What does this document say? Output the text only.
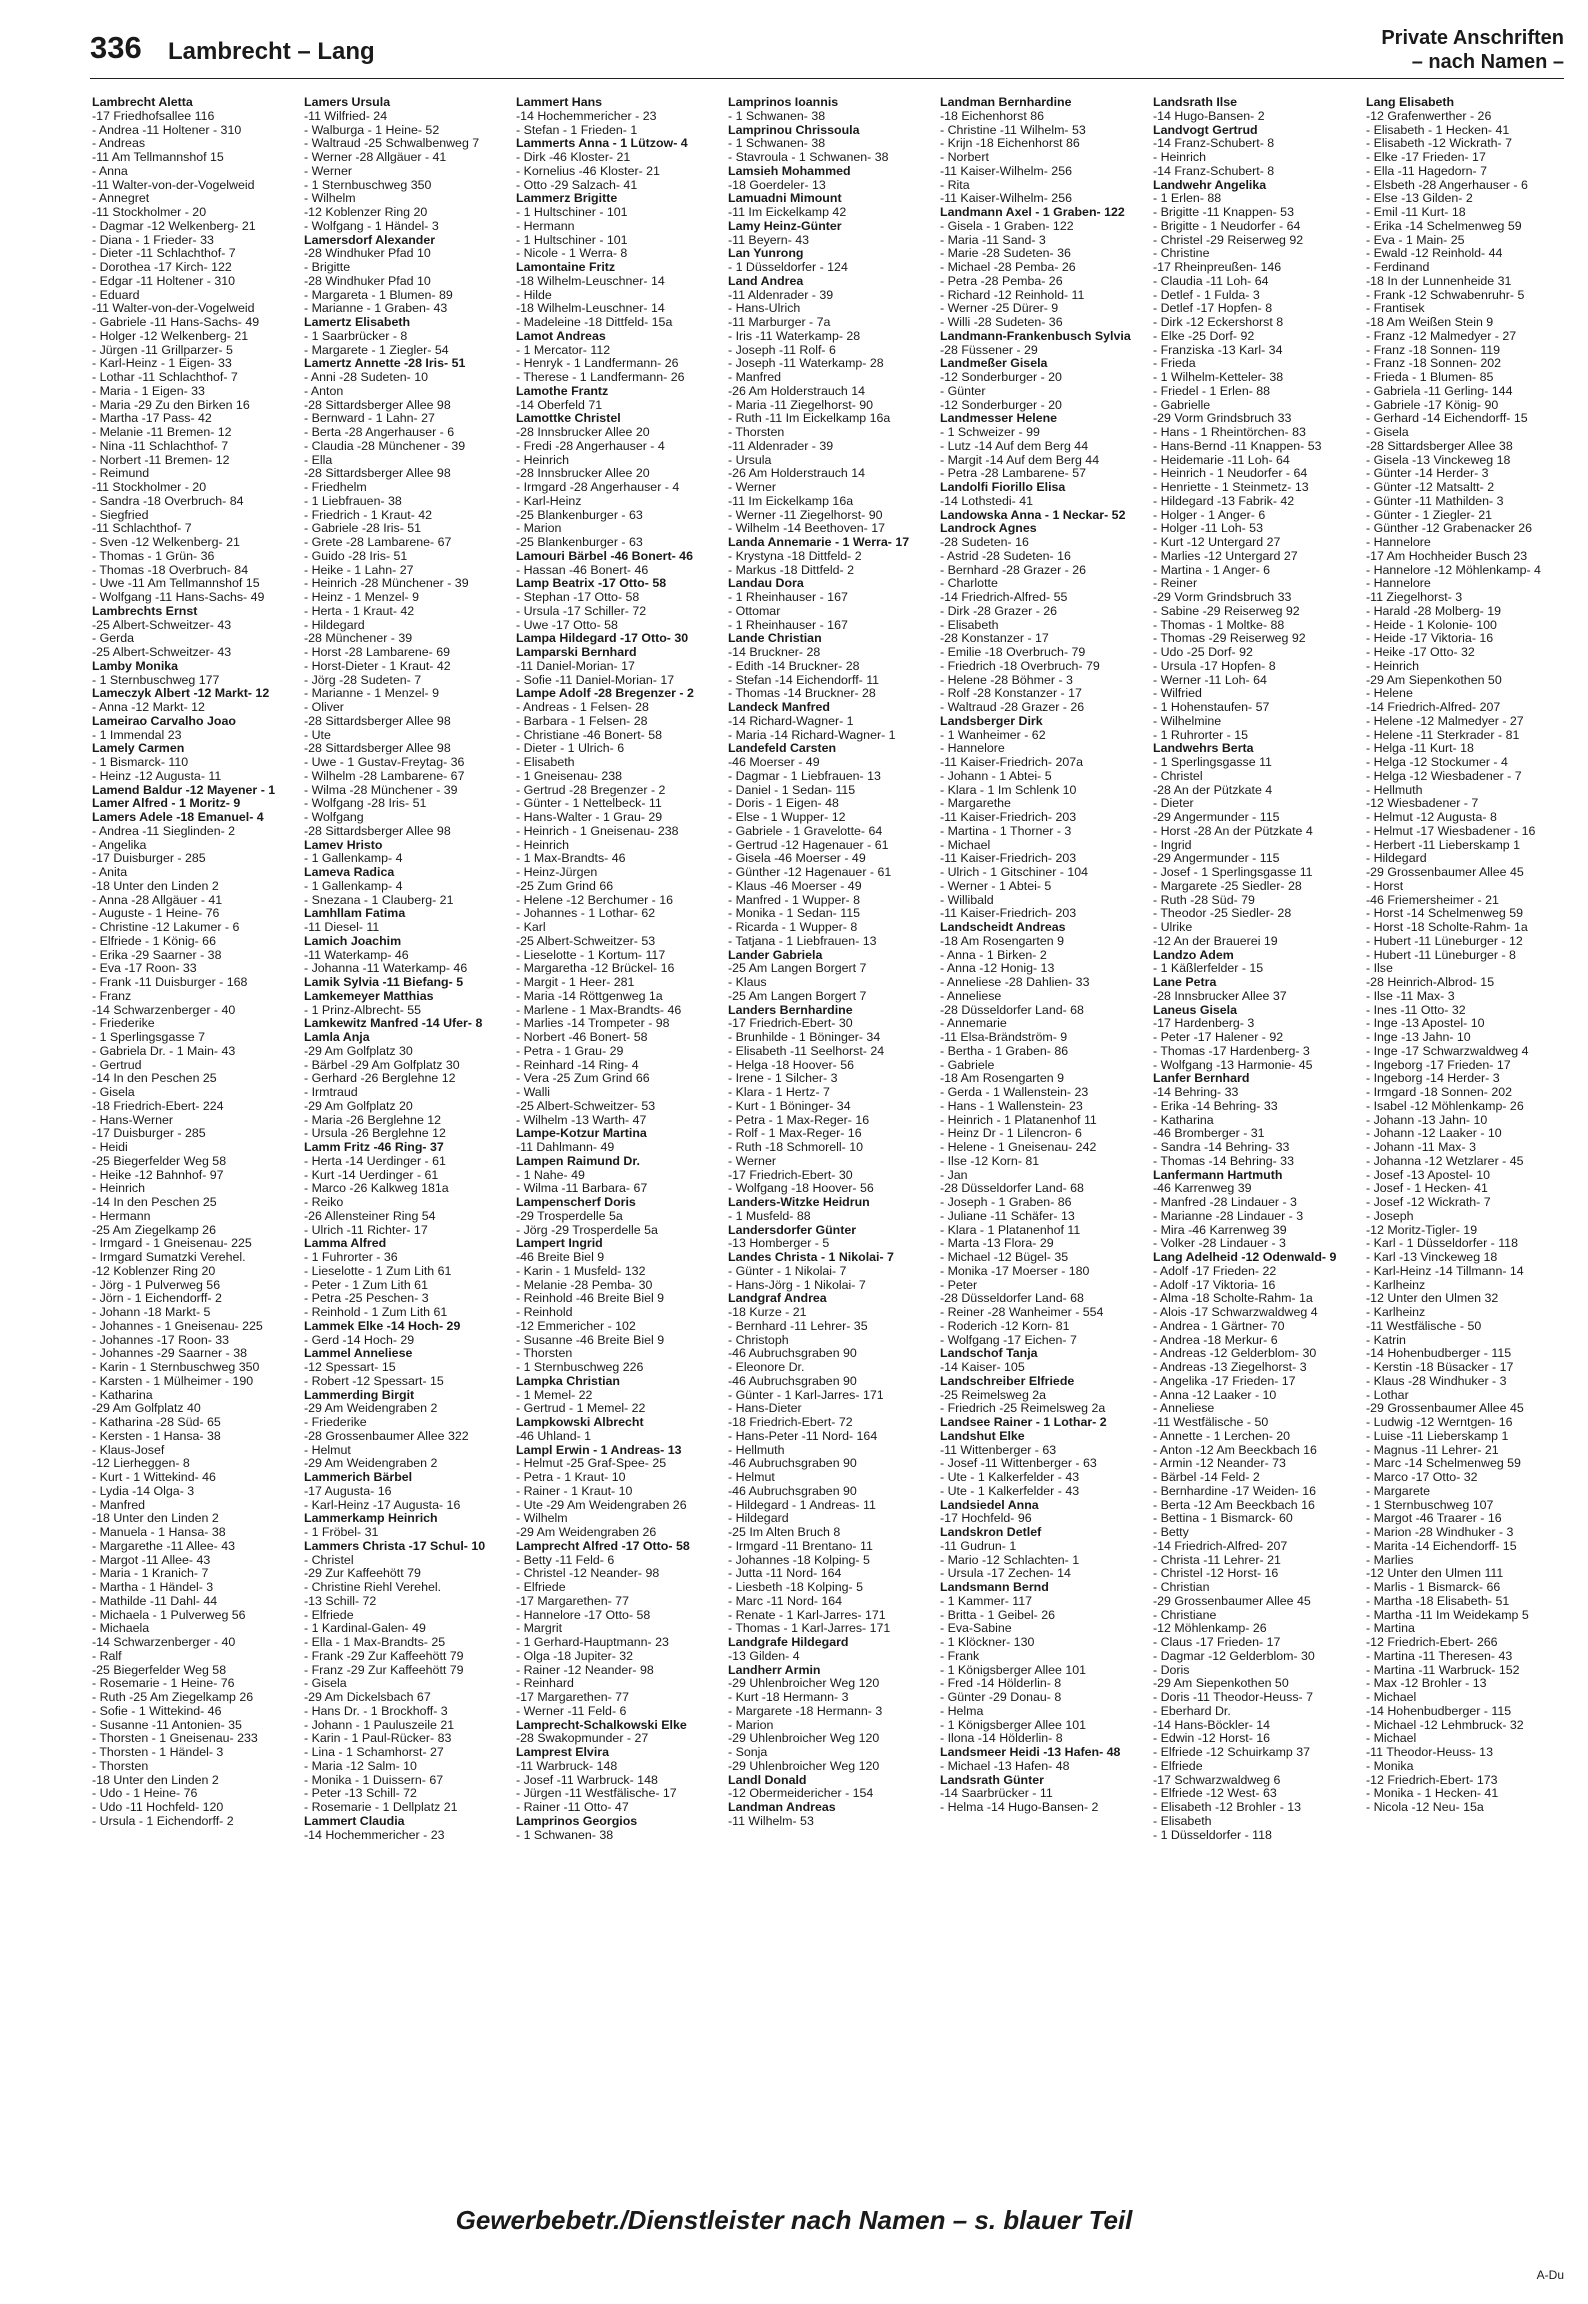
336 Lambrecht – Lang	Private Anschriften
– nach Namen –
Lambrecht Aletta
-17 Friedhofsallee 116
- Andrea -11 Holtener - 310
- Andreas
-11 Am Tellmannshof 15
- Anna
-11 Walter-von-der-Vogelweid
- Annegret
-11 Stockholmer - 20
- Dagmar -12 Welkenberg- 21
- Diana - 1 Frieder- 33
- Dieter -11 Schlachthof- 7
- Dorothea -17 Kirch- 122
- Edgar -11 Holtener - 310
- Eduard
-11 Walter-von-der-Vogelweid
- Gabriele -11 Hans-Sachs- 49
- Holger -12 Welkenberg- 21
- Jürgen -11 Grillparzer- 5
- Karl-Heinz - 1 Eigen- 33
- Lothar -11 Schlachthof- 7
- Maria - 1 Eigen- 33
- Maria -29 Zu den Birken 16
- Martha -17 Pass- 42
- Melanie -11 Bremen- 12
- Nina -11 Schlachthof- 7
- Norbert -11 Bremen- 12
- Reimund
-11 Stockholmer - 20
- Sandra -18 Overbruch- 84
- Siegfried
-11 Schlachthof- 7
- Sven -12 Welkenberg- 21
- Thomas - 1 Grün- 36
- Thomas -18 Overbruch- 84
- Uwe -11 Am Tellmannshof 15
- Wolfgang -11 Hans-Sachs- 49
Lambrechts Ernst
-25 Albert-Schweitzer- 43
- Gerda
-25 Albert-Schweitzer- 43
Lamby Monika
- 1 Sternbuschweg 177
Lameczyk Albert -12 Markt- 12
- Anna -12 Markt- 12
Lameirao Carvalho Joao
- 1 Immendal 23
Lamely Carmen
- 1 Bismarck- 110
- Heinz -12 Augusta- 11
Lamend Baldur -12 Mayener - 1
Lamer Alfred - 1 Moritz- 9
Lamers Adele -18 Emanuel- 4
- Andrea -11 Sieglinden- 2
- Angelika
-17 Duisburger - 285
- Anita
-18 Unter den Linden 2
- Anna -28 Allgäuer - 41
- Auguste - 1 Heine- 76
- Christine -12 Lakumer - 6
- Elfriede - 1 König- 66
- Erika -29 Saarner - 38
- Eva -17 Roon- 33
- Frank -11 Duisburger - 168
- Franz
-14 Schwarzenberger - 40
- Friederike
- 1 Sperlingsgasse 7
- Gabriela Dr. - 1 Main- 43
- Gertrud
-14 In den Peschen 25
- Gisela
-18 Friedrich-Ebert- 224
- Hans-Werner
-17 Duisburger - 285
- Heidi
-25 Biegerfelder Weg 58
- Heike -12 Bahnhof- 97
- Heinrich
-14 In den Peschen 25
- Hermann
-25 Am Ziegelkamp 26
- Irmgard - 1 Gneisenau- 225
- Irmgard Sumatzki Verehel.
-12 Koblenzer Ring 20
- Jörg - 1 Pulverweg 56
- Jörn - 1 Eichendorff- 2
- Johann -18 Markt- 5
- Johannes - 1 Gneisenau- 225
- Johannes -17 Roon- 33
- Johannes -29 Saarner - 38
- Karin - 1 Sternbuschweg 350
- Karsten - 1 Mülheimer - 190
- Katharina
-29 Am Golfplatz 40
- Katharina -28 Süd- 65
- Kersten - 1 Hansa- 38
- Klaus-Josef
-12 Lierheggen- 8
- Kurt - 1 Wittekind- 46
- Lydia -14 Olga- 3
- Manfred
-18 Unter den Linden 2
- Manuela - 1 Hansa- 38
- Margarethe -11 Allee- 43
- Margot -11 Allee- 43
- Maria - 1 Kranich- 7
- Martha - 1 Händel- 3
- Mathilde -11 Dahl- 44
- Michaela - 1 Pulverweg 56
- Michaela
-14 Schwarzenberger - 40
- Ralf
-25 Biegerfelder Weg 58
- Rosemarie - 1 Heine- 76
- Ruth -25 Am Ziegelkamp 26
- Sofie - 1 Wittekind- 46
- Susanne -11 Antonien- 35
- Thorsten - 1 Gneisenau- 233
- Thorsten - 1 Händel- 3
- Thorsten
-18 Unter den Linden 2
- Udo - 1 Heine- 76
- Udo -11 Hochfeld- 120
- Ursula - 1 Eichendorff- 2
Lamers Ursula
-11 Wilfried- 24
- Walburga - 1 Heine- 52
- Waltraud -25 Schwalbenweg 7
- Werner -28 Allgäuer - 41
- Werner
- 1 Sternbuschweg 350
- Wilhelm
-12 Koblenzer Ring 20
- Wolfgang - 1 Händel- 3
Lamersdorf Alexander
-28 Windhuker Pfad 10
- Brigitte
-28 Windhuker Pfad 10
- Margareta - 1 Blumen- 89
- Marianne - 1 Graben- 43
Lamertz Elisabeth
- 1 Saarbrücker - 8
- Margarete - 1 Ziegler- 54
Lamertz Annette -28 Iris- 51
- Anni -28 Sudeten- 10
- Anton
-28 Sittardsberger Allee 98
- Bernward - 1 Lahn- 27
- Berta -28 Angerhauser - 6
- Claudia -28 Münchener - 39
- Ella
-28 Sittardsberger Allee 98
- Friedhelm
- 1 Liebfrauen- 38
- Friedrich - 1 Kraut- 42
- Gabriele -28 Iris- 51
- Grete -28 Lambarene- 67
- Guido -28 Iris- 51
- Heike - 1 Lahn- 27
- Heinrich -28 Münchener - 39
- Heinz - 1 Menzel- 9
- Herta - 1 Kraut- 42
- Hildegard
-28 Münchener - 39
- Horst -28 Lambarene- 69
- Horst-Dieter - 1 Kraut- 42
- Jörg -28 Sudeten- 7
- Marianne - 1 Menzel- 9
- Oliver
-28 Sittardsberger Allee 98
- Ute
-28 Sittardsberger Allee 98
- Uwe - 1 Gustav-Freytag- 36
- Wilhelm -28 Lambarene- 67
- Wilma -28 Münchener - 39
- Wolfgang -28 Iris- 51
- Wolfgang
-28 Sittardsberger Allee 98
Lamev Hristo
- 1 Gallenkamp- 4
Lameva Radica
- 1 Gallenkamp- 4
- Snezana - 1 Clauberg- 21
Lamhllam Fatima
-11 Diesel- 11
Lamich Joachim
-11 Waterkamp- 46
- Johanna -11 Waterkamp- 46
Lamik Sylvia -11 Biefang- 5
Lamkemeyer Matthias
- 1 Prinz-Albrecht- 55
Lamkewitz Manfred -14 Ufer- 8
Lamla Anja
-29 Am Golfplatz 30
- Bärbel -29 Am Golfplatz 30
- Gerhard -26 Berglehne 12
- Irmtraud
-29 Am Golfplatz 20
- Maria -26 Berglehne 12
- Ursula -26 Berglehne 12
Lamm Fritz -46 Ring- 37
- Herta -14 Uerdinger - 61
- Kurt -14 Uerdinger - 61
- Marco -26 Kalkweg 181a
- Reiko
-26 Allensteiner Ring 54
- Ulrich -11 Richter- 17
Lamma Alfred
- 1 Fuhrorter - 36
- Lieselotte - 1 Zum Lith 61
- Peter - 1 Zum Lith 61
- Petra -25 Peschen- 3
- Reinhold - 1 Zum Lith 61
Lammek Elke -14 Hoch- 29
- Gerd -14 Hoch- 29
Lammel Anneliese
-12 Spessart- 15
- Robert -12 Spessart- 15
Lammerding Birgit
-29 Am Weidengraben 2
- Friederike
-28 Grossenbaumer Allee 322
- Helmut
-29 Am Weidengraben 2
Lammerich Bärbel
-17 Augusta- 16
- Karl-Heinz -17 Augusta- 16
Lammerkamp Heinrich
- 1 Fröbel- 31
Lammers Christa -17 Schul- 10
- Christel
-29 Zur Kaffeehött 79
- Christine Riehl Verehel.
-13 Schill- 72
- Elfriede
- 1 Kardinal-Galen- 49
- Ella - 1 Max-Brandts- 25
- Frank -29 Zur Kaffeehött 79
- Franz -29 Zur Kaffeehött 79
- Gisela
-29 Am Dickelsbach 67
- Hans Dr. - 1 Brockhoff- 3
- Johann - 1 Pauluszeile 21
- Karin - 1 Paul-Rücker- 83
- Lina - 1 Schamhorst- 27
- Maria -12 Salm- 10
- Monika - 1 Duissern- 67
- Peter -13 Schill- 72
- Rosemarie - 1 Dellplatz 21
Lammert Claudia
-14 Hochemmericher - 23
Lammert Hans
-14 Hochemmericher - 23
- Stefan - 1 Frieden- 1
Lammerts Anna - 1 Lützow- 4
- Dirk -46 Kloster- 21
- Kornelius -46 Kloster- 21
- Otto -29 Salzach- 41
Lammerz Brigitte
- 1 Hultschiner - 101
- Hermann
- 1 Hultschiner - 101
- Nicole - 1 Werra- 8
Lamontaine Fritz
-18 Wilhelm-Leuschner- 14
- Hilde
-18 Wilhelm-Leuschner- 14
- Madeleine -18 Dittfeld- 15a
Lamot Andreas
- 1 Mercator- 112
- Henryk - 1 Landfermann- 26
- Therese - 1 Landfermann- 26
Lamothe Frantz
-14 Oberfeld 71
Lamottke Christel
-28 Innsbrucker Allee 20
- Fredi -28 Angerhauser - 4
- Heinrich
-28 Innsbrucker Allee 20
- Irmgard -28 Angerhauser - 4
- Karl-Heinz
-25 Blankenburger - 63
- Marion
-25 Blankenburger - 63
Lamouri Bärbel -46 Bonert- 46
- Hassan -46 Bonert- 46
Lamp Beatrix -17 Otto- 58
- Stephan -17 Otto- 58
- Ursula -17 Schiller- 72
- Uwe -17 Otto- 58
Lampa Hildegard -17 Otto- 30
Lamparski Bernhard
-11 Daniel-Morian- 17
- Sofie -11 Daniel-Morian- 17
Lampe Adolf -28 Bregenzer - 2
- Andreas - 1 Felsen- 28
- Barbara - 1 Felsen- 28
- Christiane -46 Bonert- 58
- Dieter - 1 Ulrich- 6
- Elisabeth
- 1 Gneisenau- 238
- Gertrud -28 Bregenzer - 2
- Günter - 1 Nettelbeck- 11
- Hans-Walter - 1 Grau- 29
- Heinrich - 1 Gneisenau- 238
- Heinrich
- 1 Max-Brandts- 46
- Heinz-Jürgen
-25 Zum Grind 66
- Helene -12 Berchumer - 16
- Johannes - 1 Lothar- 62
- Karl
-25 Albert-Schweitzer- 53
- Lieselotte - 1 Kortum- 117
- Margaretha -12 Brückel- 16
- Margit - 1 Heer- 281
- Maria -14 Röttgenweg 1a
- Marlene - 1 Max-Brandts- 46
- Marlies -14 Trompeter - 98
- Norbert -46 Bonert- 58
- Petra - 1 Grau- 29
- Reinhard -14 Ring- 4
- Vera -25 Zum Grind 66
- Walli
-25 Albert-Schweitzer- 53
- Wilhelm -13 Warth- 47
Lampe-Kotzur Martina
-11 Dahlmann- 49
Lampen Raimund Dr.
- 1 Nahe- 49
- Wilma -11 Barbara- 67
Lampenscherf Doris
-29 Trosperdelle 5a
- Jörg -29 Trosperdelle 5a
Lampert Ingrid
-46 Breite Biel 9
- Karin - 1 Musfeld- 132
- Melanie -28 Pemba- 30
- Reinhold -46 Breite Biel 9
- Reinhold
-12 Emmericher - 102
- Susanne -46 Breite Biel 9
- Thorsten
- 1 Sternbuschweg 226
Lampka Christian
- 1 Memel- 22
- Gertrud - 1 Memel- 22
Lampkowski Albrecht
-46 Uhland- 1
Lampl Erwin - 1 Andreas- 13
- Helmut -25 Graf-Spee- 25
- Petra - 1 Kraut- 10
- Rainer - 1 Kraut- 10
- Ute -29 Am Weidengraben 26
- Wilhelm
-29 Am Weidengraben 26
Lamprecht Alfred -17 Otto- 58
- Betty -11 Feld- 6
- Christel -12 Neander- 98
- Elfriede
-17 Margarethen- 77
- Hannelore -17 Otto- 58
- Margrit
- 1 Gerhard-Hauptmann- 23
- Olga -18 Jupiter- 32
- Rainer -12 Neander- 98
- Reinhard
-17 Margarethen- 77
- Werner -11 Feld- 6
Lamprecht-Schalkowski Elke
-28 Swakopmunder - 27
Lamprest Elvira
-11 Warbruck- 148
- Josef -11 Warbruck- 148
- Jürgen -11 Westfälische- 17
- Rainer -11 Otto- 47
Lamprinos Georgios
- 1 Schwanen- 38
Lamprinos Ioannis
- 1 Schwanen- 38
Lamprinou Chrissoula
- 1 Schwanen- 38
- Stavroula - 1 Schwanen- 38
Lamsieh Mohammed
-18 Goerdeler- 13
Lamuadni Mimount
-11 Im Eickelkamp 42
Lamy Heinz-Günter
-11 Beyern- 43
Lan Yunrong
- 1 Düsseldorfer - 124
Land Andrea
-11 Aldenrader - 39
- Hans-Ulrich
-11 Marburger - 7a
- Iris -11 Waterkamp- 28
- Joseph -11 Rolf- 6
- Joseph -11 Waterkamp- 28
- Manfred
-26 Am Holderstrauch 14
- Maria -11 Ziegelhorst- 90
- Ruth -11 Im Eickelkamp 16a
- Thorsten
-11 Aldenrader - 39
- Ursula
-26 Am Holderstrauch 14
- Werner
-11 Im Eickelkamp 16a
- Werner -11 Ziegelhorst- 90
- Wilhelm -14 Beethoven- 17
Landa Annemarie - 1 Werra- 17
- Krystyna -18 Dittfeld- 2
- Markus -18 Dittfeld- 2
Landau Dora
- 1 Rheinhauser - 167
- Ottomar
- 1 Rheinhauser - 167
Lande Christian
-14 Bruckner- 28
- Edith -14 Bruckner- 28
- Stefan -14 Eichendorff- 11
- Thomas -14 Bruckner- 28
Landeck Manfred
-14 Richard-Wagner- 1
- Maria -14 Richard-Wagner- 1
Landefeld Carsten
-46 Moerser - 49
- Dagmar - 1 Liebfrauen- 13
- Daniel - 1 Sedan- 115
- Doris - 1 Eigen- 48
- Else - 1 Wupper- 12
- Gabriele - 1 Gravelotte- 64
- Gertrud -12 Hagenauer - 61
- Gisela -46 Moerser - 49
- Günther -12 Hagenauer - 61
- Klaus -46 Moerser - 49
- Manfred - 1 Wupper- 8
- Monika - 1 Sedan- 115
- Ricarda - 1 Wupper- 8
- Tatjana - 1 Liebfrauen- 13
Lander Gabriela
-25 Am Langen Borgert 7
- Klaus
-25 Am Langen Borgert 7
Landers Bernhardine
-17 Friedrich-Ebert- 30
- Brunhilde - 1 Böninger- 34
- Elisabeth -11 Seelhorst- 24
- Helga -18 Hoover- 56
- Irene - 1 Silcher- 3
- Klara - 1 Hertz- 7
- Kurt - 1 Böninger- 34
- Petra - 1 Max-Reger- 16
- Rolf - 1 Max-Reger- 16
- Ruth -18 Schmorell- 10
- Werner
-17 Friedrich-Ebert- 30
- Wolfgang -18 Hoover- 56
Landers-Witzke Heidrun
- 1 Musfeld- 88
Landersdorfer Günter
-13 Homberger - 5
Landes Christa - 1 Nikolai- 7
- Günter - 1 Nikolai- 7
- Hans-Jörg - 1 Nikolai- 7
Landgraf Andrea
-18 Kurze - 21
- Bernhard -11 Lehrer- 35
- Christoph
-46 Aubruchsgraben 90
- Eleonore Dr.
-46 Aubruchsgraben 90
- Günter - 1 Karl-Jarres- 171
- Hans-Dieter
-18 Friedrich-Ebert- 72
- Hans-Peter -11 Nord- 164
- Hellmuth
-46 Aubruchsgraben 90
- Helmut
-46 Aubruchsgraben 90
- Hildegard - 1 Andreas- 11
- Hildegard
-25 Im Alten Bruch 8
- Irmgard -11 Brentano- 11
- Johannes -18 Kolping- 5
- Jutta -11 Nord- 164
- Liesbeth -18 Kolping- 5
- Marc -11 Nord- 164
- Renate - 1 Karl-Jarres- 171
- Thomas - 1 Karl-Jarres- 171
Landgrafe Hildegard
-13 Gilden- 4
Landherr Armin
-29 Uhlenbroicher Weg 120
- Kurt -18 Hermann- 3
- Margarete -18 Hermann- 3
- Marion
-29 Uhlenbroicher Weg 120
- Sonja
-29 Uhlenbroicher Weg 120
Landl Donald
-12 Obermeidericher - 154
Landman Andreas
-11 Wilhelm- 53
Landman Bernhardine
-18 Eichenhorst 86
- Christine -11 Wilhelm- 53
- Krijn -18 Eichenhorst 86
- Norbert
-11 Kaiser-Wilhelm- 256
- Rita
-11 Kaiser-Wilhelm- 256
Landmann Axel - 1 Graben- 122
- Gisela - 1 Graben- 122
- Maria -11 Sand- 3
- Marie -28 Sudeten- 36
- Michael -28 Pemba- 26
- Petra -28 Pemba- 26
- Richard -12 Reinhold- 11
- Werner -25 Dürer- 9
- Willi -28 Sudeten- 36
Landmann-Frankenbusch Sylvia
-28 Füssener - 29
Landmeßer Gisela
-12 Sonderburger - 20
- Günter
-12 Sonderburger - 20
Landmesser Helene
- 1 Schweizer - 99
- Lutz -14 Auf dem Berg 44
- Margit -14 Auf dem Berg 44
- Petra -28 Lambarene- 57
Landolfi Fiorillo Elisa
-14 Lothstedi- 41
Landowska Anna - 1 Neckar- 52
Landrock Agnes
-28 Sudeten- 16
- Astrid -28 Sudeten- 16
- Bernhard -28 Grazer - 26
- Charlotte
-14 Friedrich-Alfred- 55
- Dirk -28 Grazer - 26
- Elisabeth
-28 Konstanzer - 17
- Emilie -18 Overbruch- 79
- Friedrich -18 Overbruch- 79
- Helene -28 Böhmer - 3
- Rolf -28 Konstanzer - 17
- Waltraud -28 Grazer - 26
Landsberger Dirk
- 1 Wanheimer - 62
- Hannelore
-11 Kaiser-Friedrich- 207a
- Johann - 1 Abtei- 5
- Klara - 1 Im Schlenk 10
- Margarethe
-11 Kaiser-Friedrich- 203
- Martina - 1 Thorner - 3
- Michael
-11 Kaiser-Friedrich- 203
- Ulrich - 1 Gitschiner - 104
- Werner - 1 Abtei- 5
- Willibald
-11 Kaiser-Friedrich- 203
Landscheidt Andreas
-18 Am Rosengarten 9
- Anna - 1 Birken- 2
- Anna -12 Honig- 13
- Anneliese -28 Dahlien- 33
- Anneliese
-28 Düsseldorfer Land- 68
- Annemarie
-11 Elsa-Brändström- 9
- Bertha - 1 Graben- 86
- Gabriele
-18 Am Rosengarten 9
- Gerda - 1 Wallenstein- 23
- Hans - 1 Wallenstein- 23
- Heinrich - 1 Platanenhof 11
- Heinz Dr - 1 Lilencron- 6
- Helene - 1 Gneisenau- 242
- Ilse -12 Korn- 81
- Jan
-28 Düsseldorfer Land- 68
- Joseph - 1 Graben- 86
- Juliane -11 Schäfer- 13
- Klara - 1 Platanenhof 11
- Marta -13 Flora- 29
- Michael -12 Bügel- 35
- Monika -17 Moerser - 180
- Peter
-28 Düsseldorfer Land- 68
- Reiner -28 Wanheimer - 554
- Roderich -12 Korn- 81
- Wolfgang -17 Eichen- 7
Landschof Tanja
-14 Kaiser- 105
Landschreiber Elfriede
-25 Reimelsweg 2a
- Friedrich -25 Reimelsweg 2a
Landsee Rainer - 1 Lothar- 2
Landshut Elke
-11 Wittenberger - 63
- Josef -11 Wittenberger - 63
- Ute - 1 Kalkerfelder - 43
- Ute - 1 Kalkerfelder - 43
Landsiedel Anna
-17 Hochfeld- 96
Landskron Detlef
-11 Gudrun- 1
- Mario -12 Schlachten- 1
- Ursula -17 Zechen- 14
Landsmann Bernd
- 1 Kammer- 117
- Britta - 1 Geibel- 26
- Eva-Sabine
- 1 Klöckner- 130
- Frank
- 1 Königsberger Allee 101
- Fred -14 Hölderlin- 8
- Günter -29 Donau- 8
- Helma
- 1 Königsberger Allee 101
- Ilona -14 Hölderlin- 8
Landsmeer Heidi -13 Hafen- 48
- Michael -13 Hafen- 48
Landsrath Günter
-14 Saarbrücker - 11
- Helma -14 Hugo-Bansen- 2
Landsrath Ilse
-14 Hugo-Bansen- 2
Landvogt Gertrud
-14 Franz-Schubert- 8
- Heinrich
-14 Franz-Schubert- 8
Landwehr Angelika
- 1 Erlen- 88
- Brigitte -11 Knappen- 53
- Brigitte - 1 Neudorfer - 64
- Christel -29 Reiserweg 92
- Christine
-17 Rheinpreußen- 146
- Claudia -11 Loh- 64
- Detlef - 1 Fulda- 3
- Detlef -17 Hopfen- 8
- Dirk -12 Eckershorst 8
- Elke -25 Dorf- 92
- Franziska -13 Karl- 34
- Frieda
- 1 Wilhelm-Ketteler- 38
- Friedel - 1 Erlen- 88
- Gabrielle
-29 Vorm Grindsbruch 33
- Hans - 1 Rheintörchen- 83
- Hans-Bernd -11 Knappen- 53
- Heidemarie -11 Loh- 64
- Heinrich - 1 Neudorfer - 64
- Henriette - 1 Steinmetz- 13
- Hildegard -13 Fabrik- 42
- Holger - 1 Anger- 6
- Holger -11 Loh- 53
- Kurt -12 Untergard 27
- Marlies -12 Untergard 27
- Martina - 1 Anger- 6
- Reiner
-29 Vorm Grindsbruch 33
- Sabine -29 Reiserweg 92
- Thomas - 1 Moltke- 88
- Thomas -29 Reiserweg 92
- Udo -25 Dorf- 92
- Ursula -17 Hopfen- 8
- Werner -11 Loh- 64
- Wilfried
- 1 Hohenstaufen- 57
- Wilhelmine
- 1 Ruhrorter - 15
Landwehrs Berta
- 1 Sperlingsgasse 11
- Christel
-28 An der Pützkate 4
- Dieter
-29 Angermunder - 115
- Horst -28 An der Pützkate 4
- Ingrid
-29 Angermunder - 115
- Josef - 1 Sperlingsgasse 11
- Margarete -25 Siedler- 28
- Ruth -28 Süd- 79
- Theodor -25 Siedler- 28
- Ulrike
-12 An der Brauerei 19
Landzo Adem
- 1 Käßlerfelder - 15
Lane Petra
-28 Innsbrucker Allee 37
Laneus Gisela
-17 Hardenberg- 3
- Peter -17 Halener - 92
- Thomas -17 Hardenberg- 3
- Wolfgang -13 Harmonie- 45
Lanfer Bernhard
-14 Behring- 33
- Erika -14 Behring- 33
- Katharina
-46 Bromberger - 31
- Sandra -14 Behring- 33
- Thomas -14 Behring- 33
Lanfermann Hartmuth
-46 Karrenweg 39
- Manfred -28 Lindauer - 3
- Marianne -28 Lindauer - 3
- Mira -46 Karrenweg 39
- Volker -28 Lindauer - 3
Lang Adelheid -12 Odenwald- 9
- Adolf -17 Frieden- 22
- Adolf -17 Viktoria- 16
- Alma -18 Scholte-Rahm- 1a
- Alois -17 Schwarzwaldweg 4
- Andrea - 1 Gärtner- 70
- Andrea -18 Merkur- 6
- Andreas -12 Gelderblom- 30
- Andreas -13 Ziegelhorst- 3
- Angelika -17 Frieden- 17
- Anna -12 Laaker - 10
- Anneliese
-11 Westfälische - 50
- Annette - 1 Lerchen- 20
- Anton -12 Am Beeckbach 16
- Armin -12 Neander- 73
- Bärbel -14 Feld- 2
- Bernhardine -17 Weiden- 16
- Berta -12 Am Beeckbach 16
- Bettina - 1 Bismarck- 60
- Betty
-14 Friedrich-Alfred- 207
- Christa -11 Lehrer- 21
- Christel -12 Horst- 16
- Christian
-29 Grossenbaumer Allee 45
- Christiane
-12 Möhlenkamp- 26
- Claus -17 Frieden- 17
- Dagmar -12 Gelderblom- 30
- Doris
-29 Am Siepenkothen 50
- Doris -11 Theodor-Heuss- 7
- Eberhard Dr.
-14 Hans-Böckler- 14
- Edwin -12 Horst- 16
- Elfriede -12 Schuirkamp 37
- Elfriede
-17 Schwarzwaldweg 6
- Elfriede -12 West- 63
- Elisabeth -12 Brohler - 13
- Elisabeth
- 1 Düsseldorfer - 118
Lang Elisabeth
-12 Grafenwerther - 26
- Elisabeth - 1 Hecken- 41
- Elisabeth -12 Wickrath- 7
- Elke -17 Frieden- 17
- Ella -11 Hagedorn- 7
- Elsbeth -28 Angerhauser - 6
- Else -13 Gilden- 2
- Emil -11 Kurt- 18
- Erika -14 Schelmenweg 59
- Eva - 1 Main- 25
- Ewald -12 Reinhold- 44
- Ferdinand
-18 In der Lunnenheide 31
- Frank -12 Schwabenruhr- 5
- Frantisek
-18 Am Weißen Stein 9
- Franz -12 Malmedyer - 27
- Franz -18 Sonnen- 119
- Franz -18 Sonnen- 202
- Frieda - 1 Blumen- 85
- Gabriela -11 Gerling- 144
- Gabriele -17 König- 90
- Gerhard -14 Eichendorff- 15
- Gisela
-28 Sittardsberger Allee 38
- Gisela -13 Vinckeweg 18
- Günter -14 Herder- 3
- Günter -12 Matsaltt- 2
- Günter -11 Mathilden- 3
- Günter - 1 Ziegler- 21
- Günther -12 Grabenacker 26
- Hannelore
-17 Am Hochheider Busch 23
- Hannelore -12 Möhlenkamp- 4
- Hannelore
-11 Ziegelhorst- 3
- Harald -28 Molberg- 19
- Heide - 1 Kolonie- 100
- Heide -17 Viktoria- 16
- Heike -17 Otto- 32
- Heinrich
-29 Am Siepenkothen 50
- Helene
-14 Friedrich-Alfred- 207
- Helene -12 Malmedyer - 27
- Helene -11 Sterkrader - 81
- Helga -11 Kurt- 18
- Helga -12 Stockumer - 4
- Helga -12 Wiesbadener - 7
- Hellmuth
-12 Wiesbadener - 7
- Helmut -12 Augusta- 8
- Helmut -17 Wiesbadener - 16
- Herbert -11 Lieberskamp 1
- Hildegard
-29 Grossenbaumer Allee 45
- Horst
-46 Friemersheimer - 21
- Horst -14 Schelmenweg 59
- Horst -18 Scholte-Rahm- 1a
- Hubert -11 Lüneburger - 12
- Hubert -11 Lüneburger - 8
- Ilse
-28 Heinrich-Albrod- 15
- Ilse -11 Max- 3
- Ines -11 Otto- 32
- Inge -13 Apostel- 10
- Inge -13 Jahn- 10
- Inge -17 Schwarzwaldweg 4
- Ingeborg -17 Frieden- 17
- Ingeborg -14 Herder- 3
- Irmgard -18 Sonnen- 202
- Isabel -12 Möhlenkamp- 26
- Johann -13 Jahn- 10
- Johann -12 Laaker - 10
- Johann -11 Max- 3
- Johanna -12 Wetzlarer - 45
- Josef -13 Apostel- 10
- Josef - 1 Hecken- 41
- Josef -12 Wickrath- 7
- Joseph
-12 Moritz-Tigler- 19
- Karl - 1 Düsseldorfer - 118
- Karl -13 Vinckeweg 18
- Karl-Heinz -14 Tillmann- 14
- Karlheinz
-12 Unter den Ulmen 32
- Karlheinz
-11 Westfälische - 50
- Katrin
-14 Hohenbudberger - 115
- Kerstin -18 Büsacker - 17
- Klaus -28 Windhuker - 3
- Lothar
-29 Grossenbaumer Allee 45
- Ludwig -12 Werntgen- 16
- Luise -11 Lieberskamp 1
- Magnus -11 Lehrer- 21
- Marc -14 Schelmenweg 59
- Marco -17 Otto- 32
- Margarete
- 1 Sternbuschweg 107
- Margot -46 Traarer - 16
- Marion -28 Windhuker - 3
- Marita -14 Eichendorff- 15
- Marlies
-12 Unter den Ulmen 111
- Marlis - 1 Bismarck- 66
- Martha -18 Elisabeth- 51
- Martha -11 Im Weidekamp 5
- Martina
-12 Friedrich-Ebert- 266
- Martina -11 Theresen- 43
- Martina -11 Warbruck- 152
- Max -12 Brohler - 13
- Michael
-14 Hohenbudberger - 115
- Michael -12 Lehmbruck- 32
- Michael
-11 Theodor-Heuss- 13
- Monika
-12 Friedrich-Ebert- 173
- Monika - 1 Hecken- 41
- Nicola -12 Neu- 15a
Gewerbebetr./Dienstleister nach Namen – s. blauer Teil
A-Du
